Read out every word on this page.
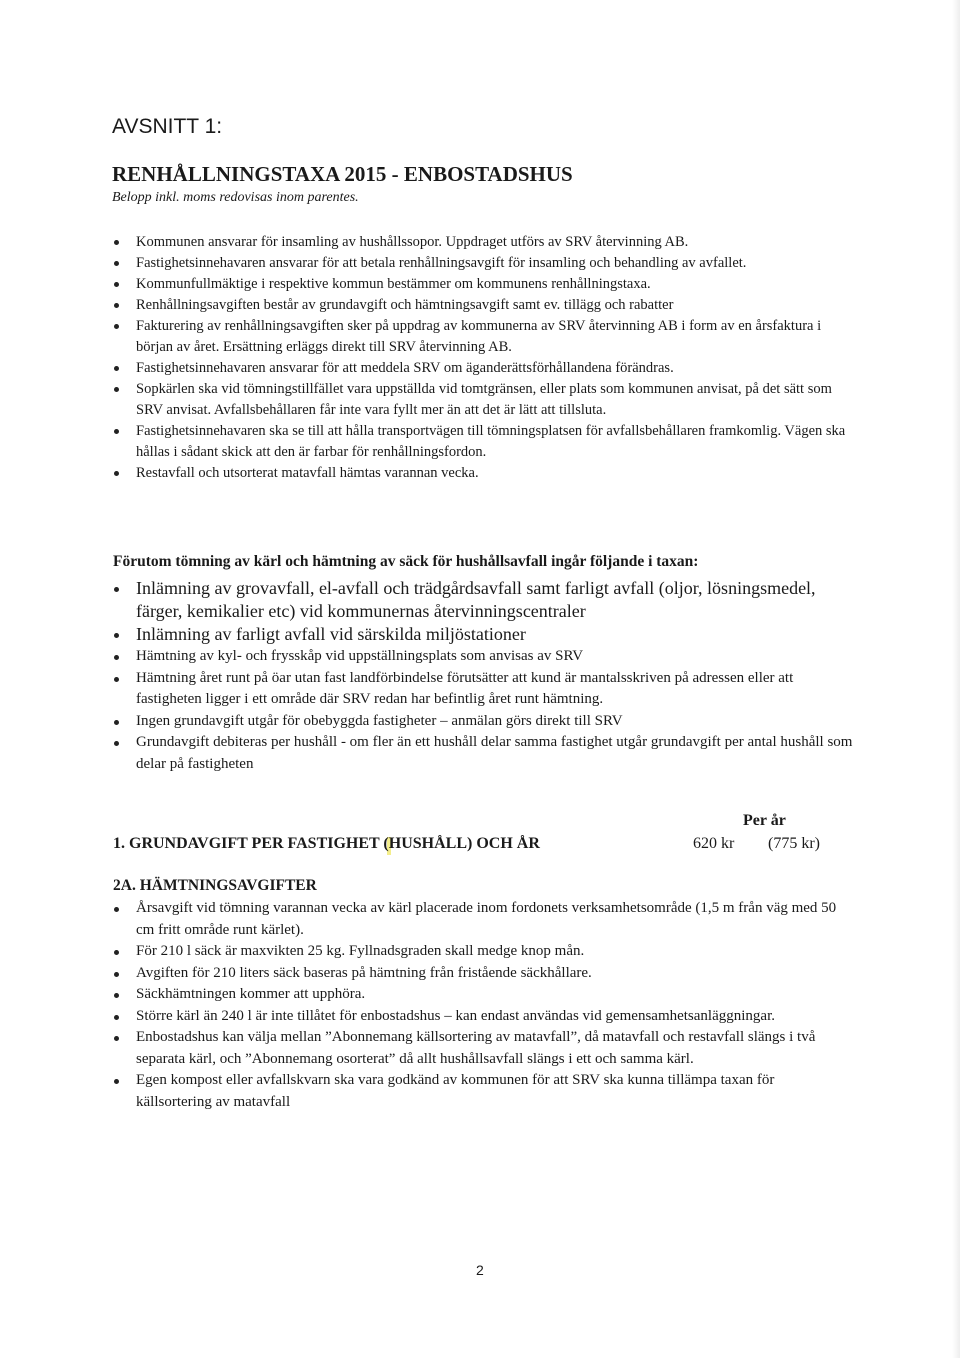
AVSNITT 1:
RENHÅLLNINGSTAXA 2015 - ENBOSTADSHUS
Belopp inkl. moms redovisas inom parentes.
Kommunen ansvarar för insamling av hushållssopor. Uppdraget utförs av SRV återvinning AB.
Fastighetsinnehavaren ansvarar för att betala renhållningsavgift för insamling och behandling av avfallet.
Kommunfullmäktige i respektive kommun bestämmer om kommunens renhållningstaxa.
Renhållningsavgiften består av grundavgift och hämtningsavgift samt ev. tillägg och rabatter
Fakturering av renhållningsavgiften sker på uppdrag av kommunerna av SRV återvinning AB i form av en årsfaktura i början av året. Ersättning erläggs direkt till SRV återvinning AB.
Fastighetsinnehavaren ansvarar för att meddela SRV om äganderättsförhållandena förändras.
Sopkärlen ska vid tömningstillfället vara uppställda vid tomtgränsen, eller plats som kommunen anvisat, på det sätt som SRV anvisat. Avfallsbehållaren får inte vara fyllt mer än att det är lätt att tillsluta.
Fastighetsinnehavaren ska se till att hålla transportvägen till tömningsplatsen för avfallsbehållaren framkomlig. Vägen ska hållas i sådant skick att den är farbar för renhållningsfordon.
Restavfall och utsorterat matavfall hämtas varannan vecka.
Förutom tömning av kärl och hämtning av säck för hushållsavfall ingår följande i taxan:
Inlämning av grovavfall, el-avfall och trädgårdsavfall samt farligt avfall (oljor, lösningsmedel, färger, kemikalier etc) vid kommunernas återvinningscentraler
Inlämning av farligt avfall vid särskilda miljöstationer
Hämtning av kyl- och frysskåp vid uppställningsplats som anvisas av SRV
Hämtning året runt på öar utan fast landförbindelse förutsätter att kund är mantalsskriven på adressen eller att fastigheten ligger i ett område där SRV redan har befintlig året runt hämtning.
Ingen grundavgift utgår för obebyggda fastigheter – anmälan görs direkt till SRV
Grundavgift debiteras per hushåll - om fler än ett hushåll delar samma fastighet utgår grundavgift per antal hushåll som delar på fastigheten
Per år
1. GRUNDAVGIFT PER FASTIGHET (HUSHÅLL) OCH ÅR	620 kr (775 kr)
2A. HÄMTNINGSAVGIFTER
Årsavgift vid tömning varannan vecka av kärl placerade inom fordonets verksamhetsområde (1,5 m från väg med 50 cm fritt område runt kärlet).
För 210 l säck är maxvikten 25 kg. Fyllnadsgraden skall medge knop mån.
Avgiften för 210 liters säck baseras på hämtning från fristående säckhållare.
Säckhämtningen kommer att upphöra.
Större kärl än 240 l är inte tillåtet för enbostadshus – kan endast användas vid gemensamhetsanläggningar.
Enbostadshus kan välja mellan ”Abonnemang källsortering av matavfall”, då matavfall och restavfall slängs i två separata kärl, och ”Abonnemang osorterat” då allt hushållsavfall slängs i ett och samma kärl.
Egen kompost eller avfallskvarn ska vara godkänd av kommunen för att SRV ska kunna tillämpa taxan för källsortering av matavfall
2
